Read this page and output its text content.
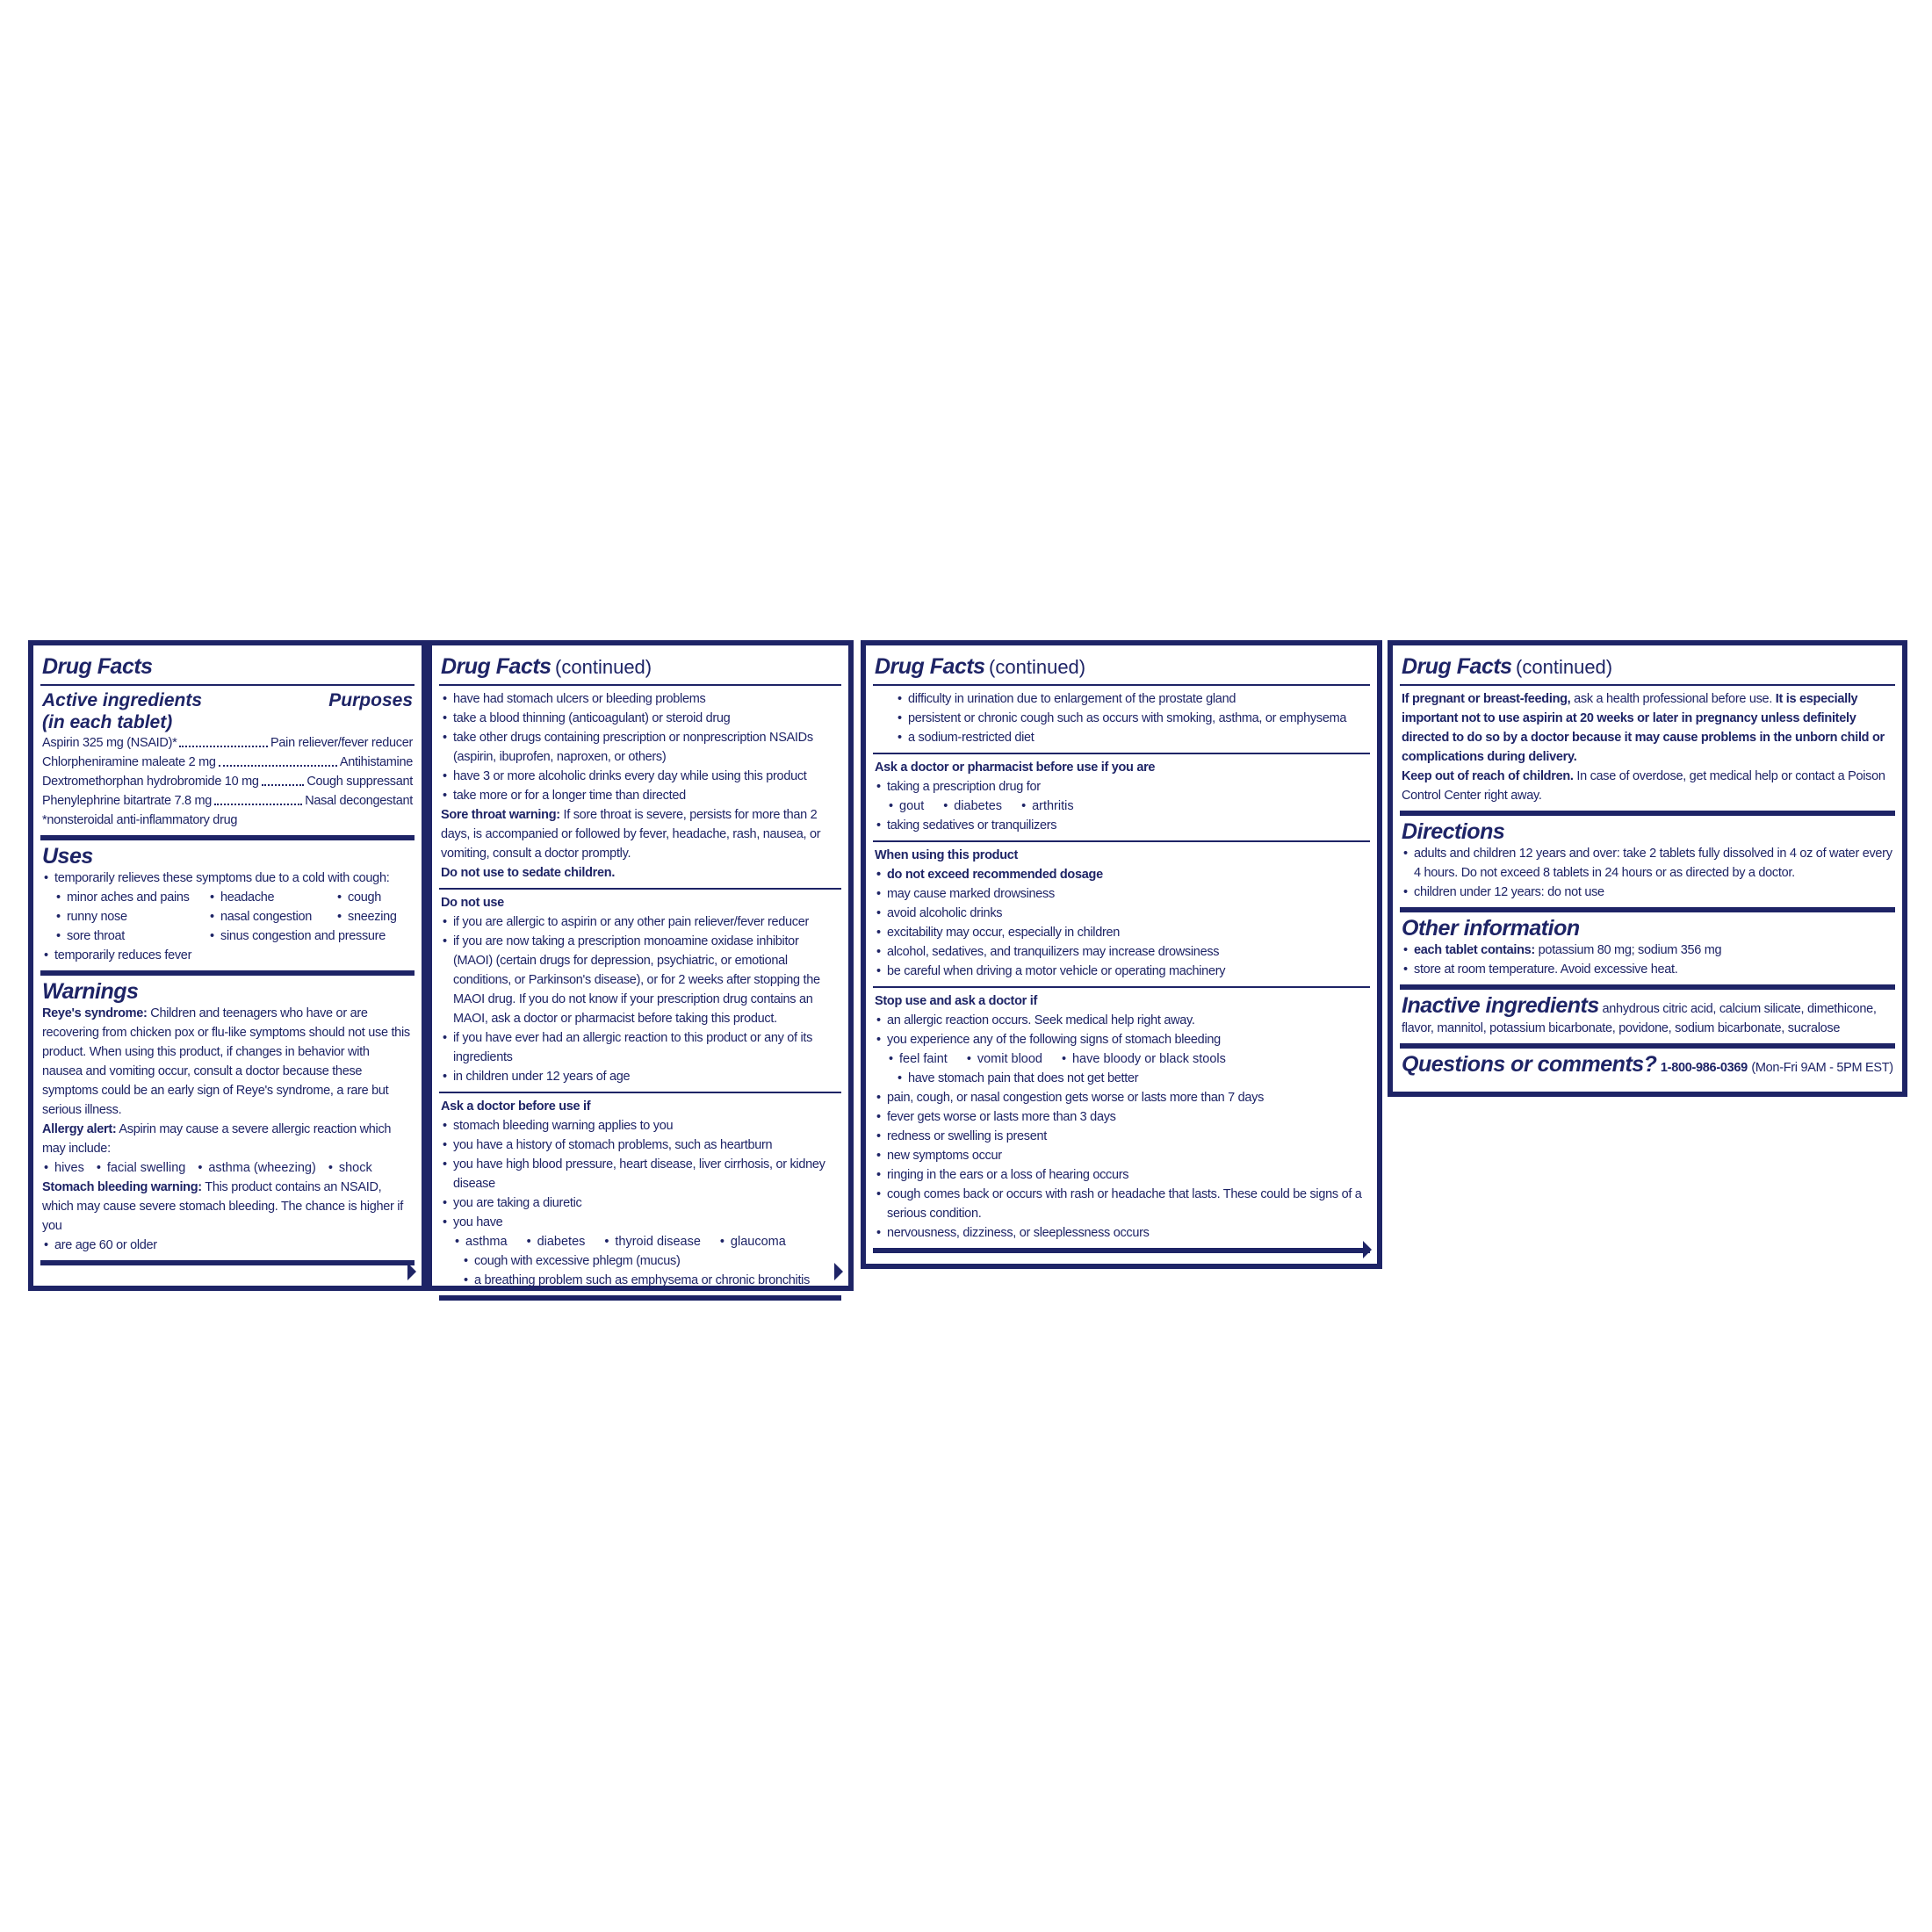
Drug Facts
Active ingredients	Purposes
(in each tablet)
Aspirin 325 mg (NSAID)*	Pain reliever/fever reducer
Chlorpheniramine maleate 2 mg	Antihistamine
Dextromethorphan hydrobromide 10 mg	Cough suppressant
Phenylephrine bitartrate 7.8 mg	Nasal decongestant
*nonsteroidal anti-inflammatory drug
Uses
• temporarily relieves these symptoms due to a cold with cough:
• minor aches and pains	• headache	• cough
• runny nose	• nasal congestion	• sneezing
• sore throat	• sinus congestion and pressure
• temporarily reduces fever
Warnings
Reye's syndrome: Children and teenagers who have or are recovering from chicken pox or flu-like symptoms should not use this product. When using this product, if changes in behavior with nausea and vomiting occur, consult a doctor because these symptoms could be an early sign of Reye's syndrome, a rare but serious illness.
Allergy alert: Aspirin may cause a severe allergic reaction which may include:
• hives	• facial swelling	• asthma (wheezing)	• shock
Stomach bleeding warning: This product contains an NSAID, which may cause severe stomach bleeding. The chance is higher if you
• are age 60 or older
Drug Facts (continued)
• have had stomach ulcers or bleeding problems
• take a blood thinning (anticoagulant) or steroid drug
• take other drugs containing prescription or nonprescription NSAIDs (aspirin, ibuprofen, naproxen, or others)
• have 3 or more alcoholic drinks every day while using this product
• take more or for a longer time than directed
Sore throat warning: If sore throat is severe, persists for more than 2 days, is accompanied or followed by fever, headache, rash, nausea, or vomiting, consult a doctor promptly.
Do not use to sedate children.
Do not use
• if you are allergic to aspirin or any other pain reliever/fever reducer
• if you are now taking a prescription monoamine oxidase inhibitor (MAOI) (certain drugs for depression, psychiatric, or emotional conditions, or Parkinson's disease), or for 2 weeks after stopping the MAOI drug. If you do not know if your prescription drug contains an MAOI, ask a doctor or pharmacist before taking this product.
• if you have ever had an allergic reaction to this product or any of its ingredients
• in children under 12 years of age
Ask a doctor before use if
• stomach bleeding warning applies to you
• you have a history of stomach problems, such as heartburn
• you have high blood pressure, heart disease, liver cirrhosis, or kidney disease
• you are taking a diuretic
• you have
• asthma	• diabetes	• thyroid disease	• glaucoma
• cough with excessive phlegm (mucus)
• a breathing problem such as emphysema or chronic bronchitis
Drug Facts (continued)
• difficulty in urination due to enlargement of the prostate gland
• persistent or chronic cough such as occurs with smoking, asthma, or emphysema
• a sodium-restricted diet
Ask a doctor or pharmacist before use if you are
• taking a prescription drug for
• gout	• diabetes	• arthritis
• taking sedatives or tranquilizers
When using this product
• do not exceed recommended dosage
• may cause marked drowsiness
• avoid alcoholic drinks
• excitability may occur, especially in children
• alcohol, sedatives, and tranquilizers may increase drowsiness
• be careful when driving a motor vehicle or operating machinery
Stop use and ask a doctor if
• an allergic reaction occurs. Seek medical help right away.
• you experience any of the following signs of stomach bleeding
• feel faint	• vomit blood	• have bloody or black stools
• have stomach pain that does not get better
• pain, cough, or nasal congestion gets worse or lasts more than 7 days
• fever gets worse or lasts more than 3 days
• redness or swelling is present
• new symptoms occur
• ringing in the ears or a loss of hearing occurs
• cough comes back or occurs with rash or headache that lasts. These could be signs of a serious condition.
• nervousness, dizziness, or sleeplessness occurs
Drug Facts (continued)
If pregnant or breast-feeding, ask a health professional before use. It is especially important not to use aspirin at 20 weeks or later in pregnancy unless definitely directed to do so by a doctor because it may cause problems in the unborn child or complications during delivery.
Keep out of reach of children. In case of overdose, get medical help or contact a Poison Control Center right away.
Directions
• adults and children 12 years and over: take 2 tablets fully dissolved in 4 oz of water every 4 hours. Do not exceed 8 tablets in 24 hours or as directed by a doctor.
• children under 12 years: do not use
Other information
• each tablet contains: potassium 80 mg; sodium 356 mg
• store at room temperature. Avoid excessive heat.
Inactive ingredients anhydrous citric acid, calcium silicate, dimethicone, flavor, mannitol, potassium bicarbonate, povidone, sodium bicarbonate, sucralose
Questions or comments? 1-800-986-0369 (Mon-Fri 9AM - 5PM EST)
